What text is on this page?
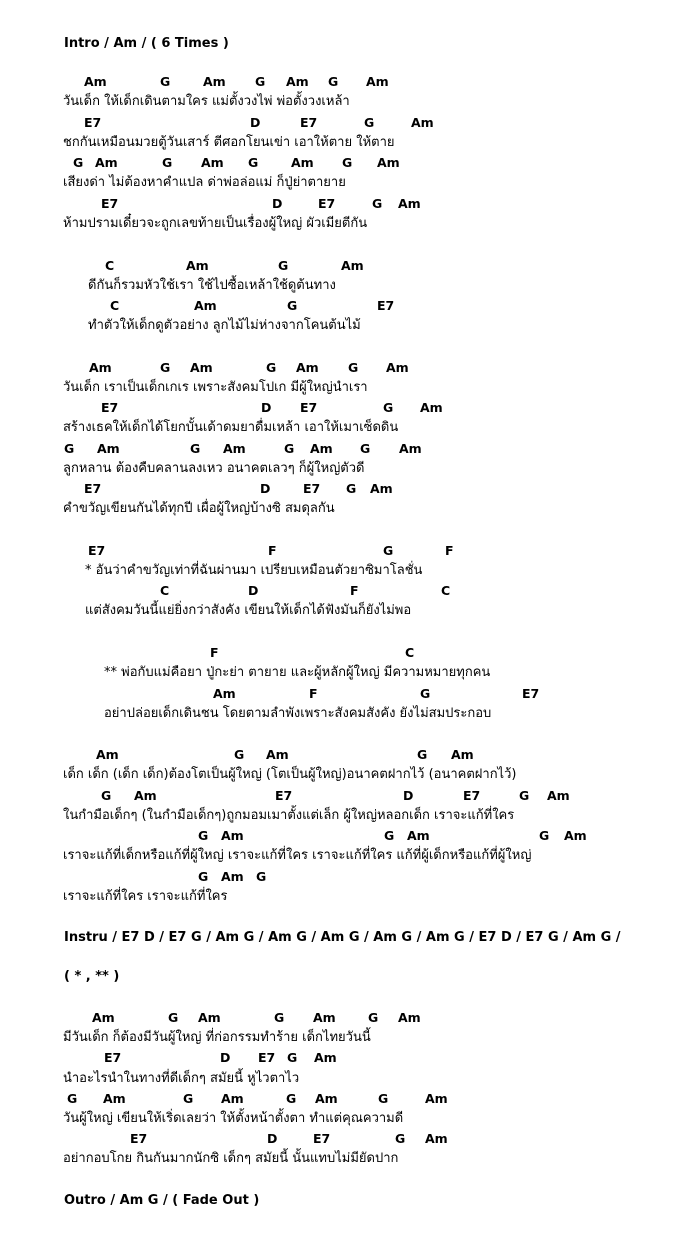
Intro / Am / ( 6 Times )
Instru / E7 D / E7 G / Am G / Am G / Am G / Am G / Am G / E7 D / E7 G / Am G /
( * , ** )
Outro / Am G / ( Fade Out )
Am	G	Am G Am G Am
วันเด็ก ให้เด็กเดินตามใคร แม่ตั้งวงไพ่ พ่อตั้งวงเหล้า
E7	D	E7	G	Am
ชกกันเหมือนมวยตู้วันเสาร์ ตีศอกโยนเข่า เอาให้ตาย ให้ตาย
G Am	G Am G	Am G Am
เสียงด่า ไม่ต้องหาคำแปล ด่าพ่อล่อแม่ ก็ปู่ย่าตายาย
E7	D	E7	G Am
ห้ามปรามเดี๋ยวจะถูกเลขท้ายเป็นเรื่องผู้ใหญ่ ผัวเมียตีกัน
C	Am	G	Am
ดีกันก็รวมหัวใช้เรา ใช้ไปซื้อเหล้าใช้ดูต้นทาง
C	Am	G	E7
ทำตัวให้เด็กดูตัวอย่าง ลูกไม้ไม่ห่างจากโคนต้นไม้
Am	G Am	G Am G Am
วันเด็ก เราเป็นเด็กเกเร เพราะสังคมโปเก มีผู้ใหญ่นำเรา
E7	D E7	G Am
สร้างเธคให้เด็กได้โยกบั้นเด้าดมยาดื่มเหล้า เอาให้เมาเซ็ดดิน
G Am	G Am	G Am G Am
ลูกหลาน ต้องคืบคลานลงเหว อนาคตเลวๆ ก็ผู้ใหญ่ตัวดี
E7	D	E7 G Am
คำขวัญเขียนกันได้ทุกปี เผื่อผู้ใหญ่บ้างซิ สมดุลกัน
E7	F	G	F
* อันว่าคำขวัญเท่าที่ฉันผ่านมา เปรียบเหมือนตัวยาซิมาโลชั่น
C	D	F	C
แต่สังคมวันนี้แย่ยิ่งกว่าสังคัง เขียนให้เด็กได้ฟังมันก็ยังไม่พอ
F	C
** พ่อกับแม่คือยา ปู่กะย่า ตายาย และผู้หลักผู้ใหญ่ มีความหมายทุกคน
Am	F	G	E7
อย่าปล่อยเด็กเดินชน โดยตามลำพังเพราะสังคมสังคัง ยังไม่สมประกอบ
Am	G Am	G Am
เด็ก เด็ก (เด็ก เด็ก)ต้องโตเป็นผู้ใหญ่ (โตเป็นผู้ใหญ่)อนาคตฝากไว้ (อนาคตฝากไว้)
G Am	E7	D	E7	G Am
ในกำมือเด็กๆ (ในกำมือเด็กๆ)ถูกมอมเมาตั้งแต่เล็ก ผู้ใหญ่หลอกเด็ก เราจะแก้ที่ใคร
G Am	G Am	G Am
เราจะแก้ที่เด็กหรือแก้ที่ผู้ใหญ่ เราจะแก้ที่ใคร เราจะแก้ที่ใคร แก้ที่ผู้เด็กหรือแก้ที่ผู้ใหญ่
G Am G
เราจะแก้ที่ใคร เราจะแก้ที่ใคร
Am	G Am	G Am	G Am
มีวันเด็ก ก็ต้องมีวันผู้ใหญ่ ที่ก่อกรรมทำร้าย เด็กไทยวันนี้
E7	D E7 G Am
นำอะไรนำในทางที่ดีเด็กๆ สมัยนี้ หูไวตาไว
G Am	G Am	G Am	G	Am
วันผู้ใหญ่ เขียนให้เริ่ดเลยว่า ให้ตั้งหน้าตั้งตา ทำแต่คุณความดี
E7	D	E7	G Am
อย่ากอบโกย กินกันมากนักซิ เด็กๆ สมัยนี้ นั้นแทบไม่มียัดปาก
